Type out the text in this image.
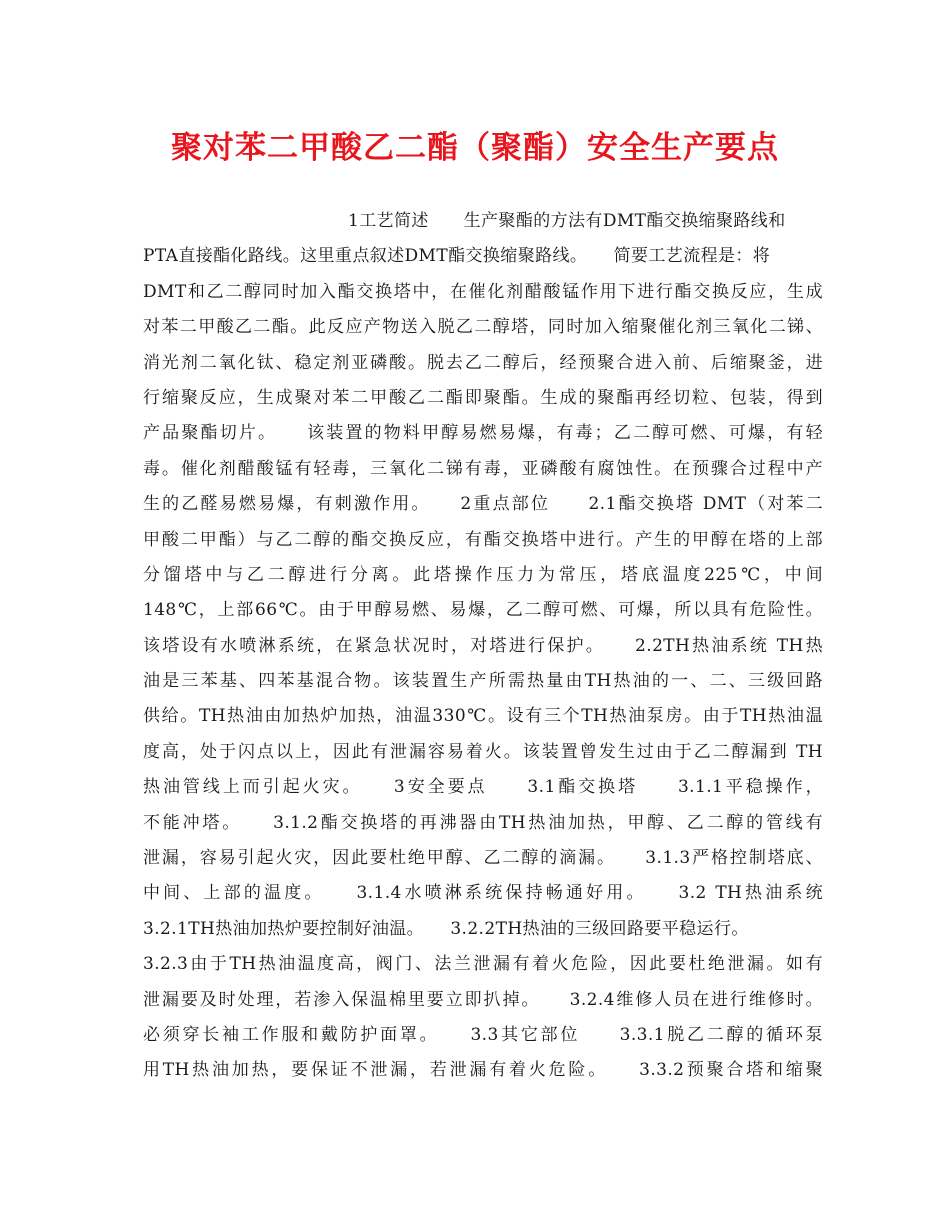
聚对苯二甲酸乙二酯（聚酯）安全生产要点
1工艺简述　　生产聚酯的方法有DMT酯交换缩聚路线和
PTA直接酯化路线。这里重点叙述DMT酯交换缩聚路线。　　简要工艺流程是：将
DMT和乙二醇同时加入酯交换塔中，在催化剂醋酸锰作用下进行酯交换反应，生成
对苯二甲酸乙二酯。此反应产物送入脱乙二醇塔，同时加入缩聚催化剂三氧化二锑、
消光剂二氧化钛、稳定剂亚磷酸。脱去乙二醇后，经预聚合进入前、后缩聚釜，进
行缩聚反应，生成聚对苯二甲酸乙二酯即聚酯。生成的聚酯再经切粒、包装，得到
产品聚酯切片。　　该装置的物料甲醇易燃易爆，有毒；乙二醇可燃、可爆，有轻
毒。催化剂醋酸锰有轻毒，三氧化二锑有毒，亚磷酸有腐蚀性。在预骤合过程中产
生的乙醛易燃易爆，有刺激作用。　　2重点部位　　2.1酯交换塔 DMT（对苯二
甲酸二甲酯）与乙二醇的酯交换反应，有酯交换塔中进行。产生的甲醇在塔的上部
分馏塔中与乙二醇进行分离。此塔操作压力为常压，塔底温度225℃，中间
148℃，上部66℃。由于甲醇易燃、易爆，乙二醇可燃、可爆，所以具有危险性。
该塔设有水喷淋系统，在紧急状况时，对塔进行保护。　　2.2TH热油系统 TH热
油是三苯基、四苯基混合物。该装置生产所需热量由TH热油的一、二、三级回路
供给。TH热油由加热炉加热，油温330℃。设有三个TH热油泵房。由于TH热油温
度高，处于闪点以上，因此有泄漏容易着火。该装置曾发生过由于乙二醇漏到 TH
热油管线上而引起火灾。　　3安全要点　　3.1酯交换塔　　3.1.1平稳操作，
不能冲塔。　　3.1.2酯交换塔的再沸器由TH热油加热，甲醇、乙二醇的管线有
泄漏，容易引起火灾，因此要杜绝甲醇、乙二醇的滴漏。　　3.1.3严格控制塔底、
中间、上部的温度。　　3.1.4水喷淋系统保持畅通好用。　　3.2 TH热油系统
3.2.1TH热油加热炉要控制好油温。　　3.2.2TH热油的三级回路要平稳运行。
3.2.3由于TH热油温度高，阀门、法兰泄漏有着火危险，因此要杜绝泄漏。如有
泄漏要及时处理，若渗入保温棉里要立即扒掉。　　3.2.4维修人员在进行维修时。
必须穿长袖工作服和戴防护面罩。　　3.3其它部位　　3.3.1脱乙二醇的循环泵
用TH热油加热，要保证不泄漏，若泄漏有着火危险。　　3.3.2预聚合塔和缩聚
